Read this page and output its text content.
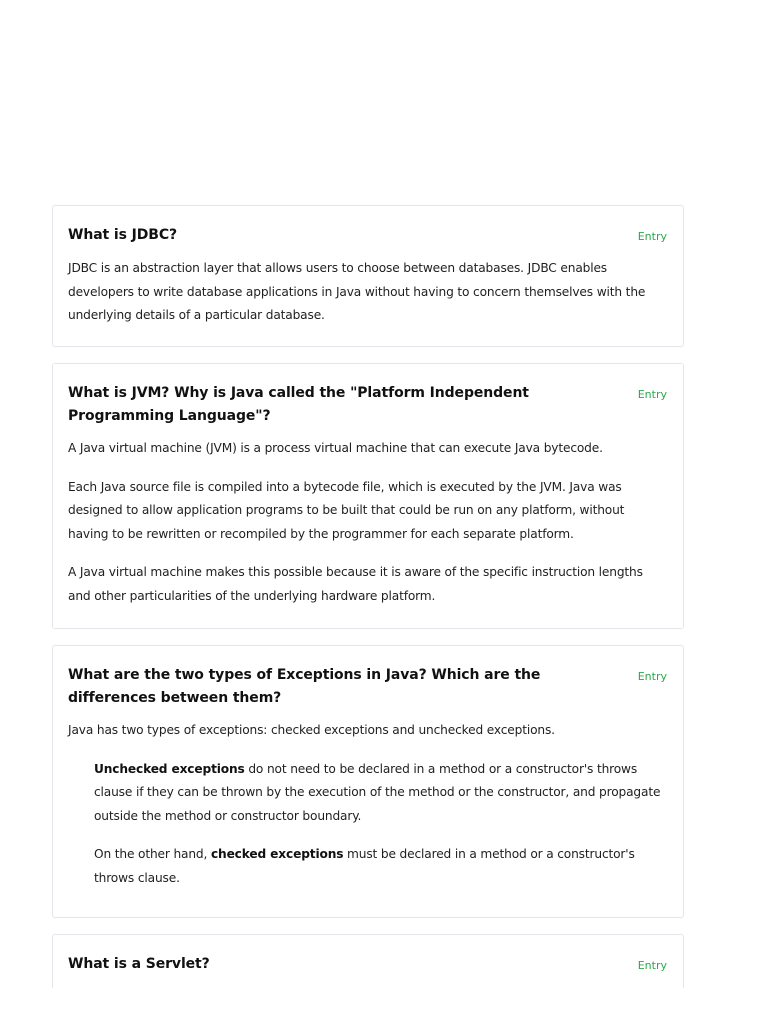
What is JDBC?	Entry

JDBC is an abstraction layer that allows users to choose between databases. JDBC enables developers to write database applications in Java without having to concern themselves with the underlying details of a particular database.

What is JVM? Why is Java called the "Platform Independent Programming Language"?
Entry

A Java virtual machine (JVM) is a process virtual machine that can execute Java bytecode.

Each Java source file is compiled into a bytecode file, which is executed by the JVM. Java was designed to allow application programs to be built that could be run on any platform, without having to be rewritten or recompiled by the programmer for each separate platform.

A Java virtual machine makes this possible because it is aware of the specific instruction lengths and other particularities of the underlying hardware platform.

What are the two types of Exceptions in Java? Which are the differences between them?
Entry

Java has two types of exceptions: checked exceptions and unchecked exceptions.

Unchecked exceptions do not need to be declared in a method or a constructor's throws clause if they can be thrown by the execution of the method or the constructor, and propagate outside the method or constructor boundary.

On the other hand, checked exceptions must be declared in a method or a constructor's throws clause.

What is a Servlet?	Entry
